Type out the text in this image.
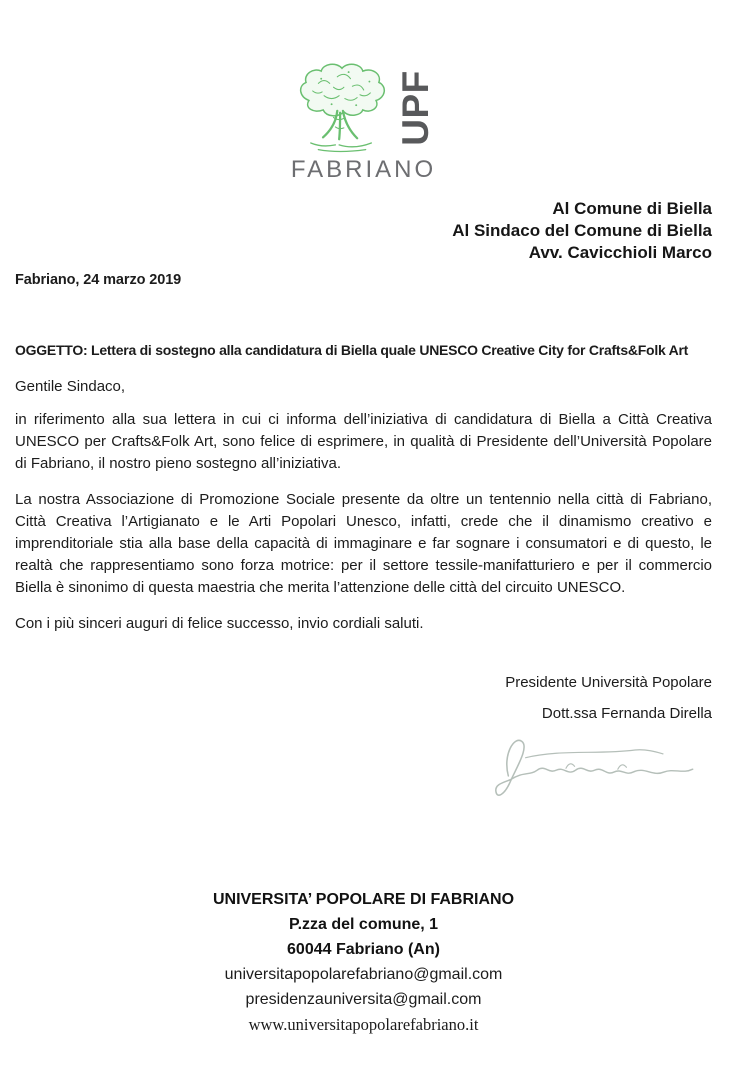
UPF
FABRIANO
Al Comune di Biella
Al Sindaco del Comune di Biella
Avv. Cavicchioli Marco
Fabriano, 24 marzo 2019
OGGETTO: Lettera di sostegno alla candidatura di Biella quale UNESCO Creative City for Crafts&Folk Art
Gentile Sindaco,

in riferimento alla sua lettera in cui ci informa dell’iniziativa di candidatura di Biella a Città Creativa UNESCO per Crafts&Folk Art, sono felice di esprimere, in qualità di Presidente dell’Università Popolare di Fabriano, il nostro pieno sostegno all’iniziativa.

La nostra Associazione di Promozione Sociale presente da oltre un tentennio nella città di Fabriano, Città Creativa l’Artigianato e le Arti Popolari Unesco, infatti, crede che il dinamismo creativo e imprenditoriale stia alla base della capacità di immaginare e far sognare i consumatori e di questo, le realtà che rappresentiamo sono forza motrice: per il settore tessile-manifatturiero e per il commercio Biella è sinonimo di questa maestria che merita l’attenzione delle città del circuito UNESCO.

Con i più sinceri auguri di felice successo, invio cordiali saluti.
Presidente Università Popolare
Dott.ssa Fernanda Dirella
UNIVERSITA’ POPOLARE DI FABRIANO
P.zza del comune, 1
60044 Fabriano (An)
universitapopolarefabriano@gmail.com
presidenzauniversita@gmail.com
www.universitapopolarefabriano.it
